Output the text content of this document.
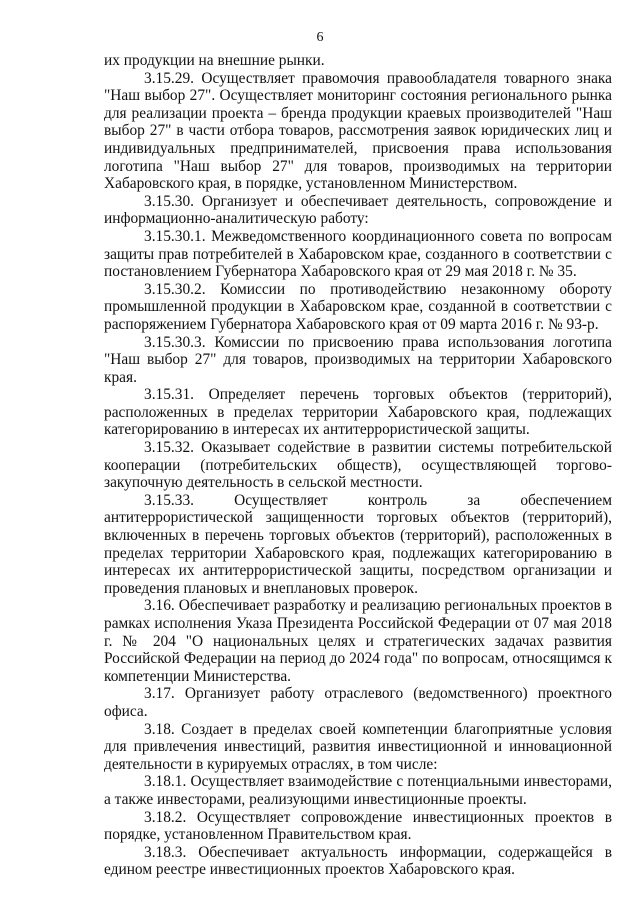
6

их продукции на внешние рынки.

3.15.29. Осуществляет правомочия правообладателя товарного знака "Наш выбор 27". Осуществляет мониторинг состояния регионального рынка для реализации проекта – бренда продукции краевых производителей "Наш выбор 27" в части отбора товаров, рассмотрения заявок юридических лиц и индивидуальных предпринимателей, присвоения права использования логотипа "Наш выбор 27" для товаров, производимых на территории Хабаровского края, в порядке, установленном Министерством.

3.15.30. Организует и обеспечивает деятельность, сопровождение и информационно-аналитическую работу:

3.15.30.1. Межведомственного координационного совета по вопросам защиты прав потребителей в Хабаровском крае, созданного в соответствии с постановлением Губернатора Хабаровского края от 29 мая 2018 г. № 35.

3.15.30.2. Комиссии по противодействию незаконному обороту промышленной продукции в Хабаровском крае, созданной в соответствии с распоряжением Губернатора Хабаровского края от 09 марта 2016 г. № 93-р.

3.15.30.3. Комиссии по присвоению права использования логотипа "Наш выбор 27" для товаров, производимых на территории Хабаровского края.

3.15.31. Определяет перечень торговых объектов (территорий), расположенных в пределах территории Хабаровского края, подлежащих категорированию в интересах их антитеррористической защиты.

3.15.32. Оказывает содействие в развитии системы потребительской кооперации (потребительских обществ), осуществляющей торгово-закупочную деятельность в сельской местности.

3.15.33. Осуществляет контроль за обеспечением антитеррористической защищенности торговых объектов (территорий), включенных в перечень торговых объектов (территорий), расположенных в пределах территории Хабаровского края, подлежащих категорированию в интересах их антитеррористической защиты, посредством организации и проведения плановых и внеплановых проверок.

3.16. Обеспечивает разработку и реализацию региональных проектов в рамках исполнения Указа Президента Российской Федерации от 07 мая 2018 г. № 204 "О национальных целях и стратегических задачах развития Российской Федерации на период до 2024 года" по вопросам, относящимся к компетенции Министерства.

3.17. Организует работу отраслевого (ведомственного) проектного офиса.

3.18. Создает в пределах своей компетенции благоприятные условия для привлечения инвестиций, развития инвестиционной и инновационной деятельности в курируемых отраслях, в том числе:

3.18.1. Осуществляет взаимодействие с потенциальными инвесторами, а также инвесторами, реализующими инвестиционные проекты.

3.18.2. Осуществляет сопровождение инвестиционных проектов в порядке, установленном Правительством края.

3.18.3. Обеспечивает актуальность информации, содержащейся в едином реестре инвестиционных проектов Хабаровского края.
